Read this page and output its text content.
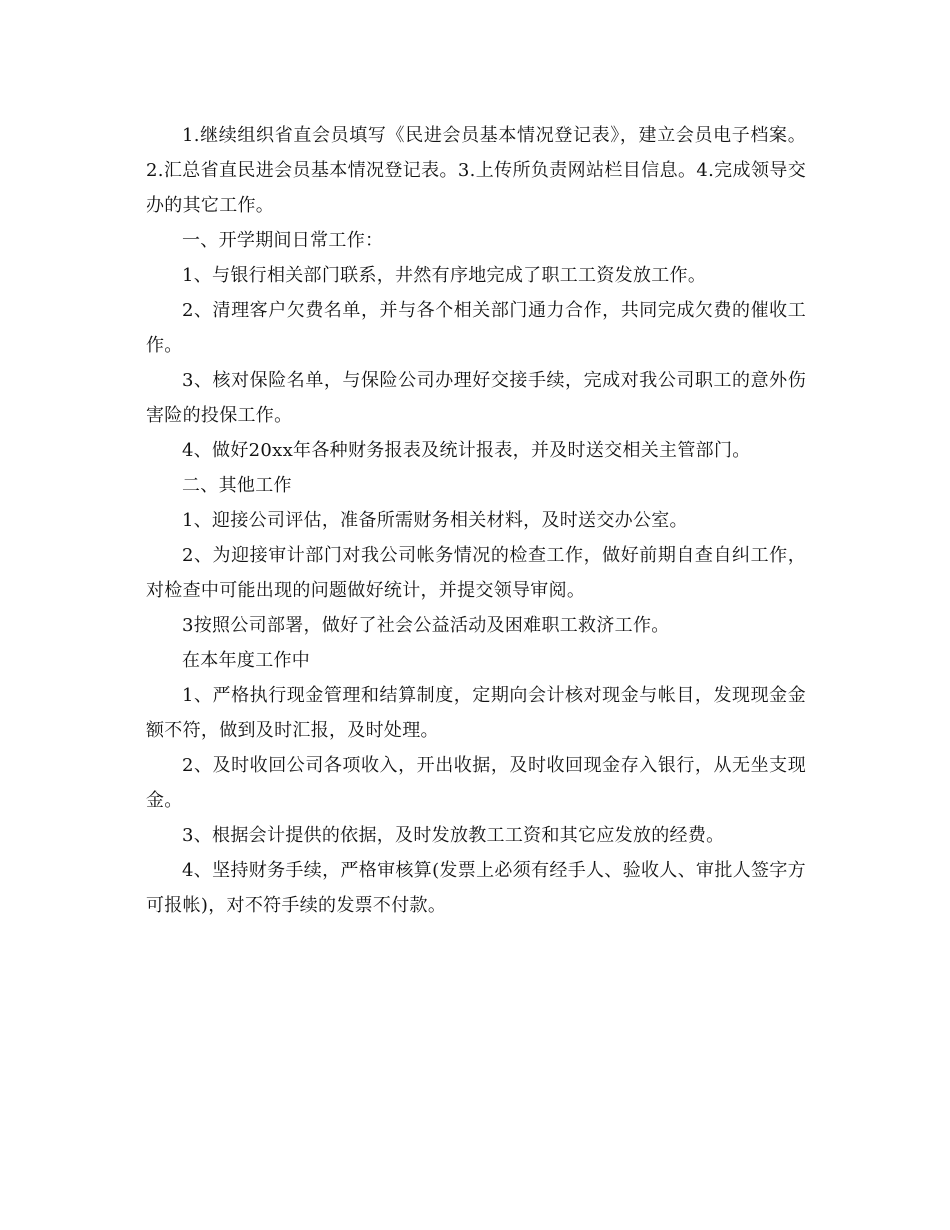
1.继续组织省直会员填写《民进会员基本情况登记表》，建立会员电子档案。2.汇总省直民进会员基本情况登记表。3.上传所负责网站栏目信息。4.完成领导交办的其它工作。

一、开学期间日常工作：

1、与银行相关部门联系，井然有序地完成了职工工资发放工作。

2、清理客户欠费名单，并与各个相关部门通力合作，共同完成欠费的催收工作。

3、核对保险名单，与保险公司办理好交接手续，完成对我公司职工的意外伤害险的投保工作。

4、做好20xx年各种财务报表及统计报表，并及时送交相关主管部门。

二、其他工作

1、迎接公司评估，准备所需财务相关材料，及时送交办公室。

2、为迎接审计部门对我公司帐务情况的检查工作，做好前期自查自纠工作，对检查中可能出现的问题做好统计，并提交领导审阅。

3按照公司部署，做好了社会公益活动及困难职工救济工作。

在本年度工作中

1、严格执行现金管理和结算制度，定期向会计核对现金与帐目，发现现金金额不符，做到及时汇报，及时处理。

2、及时收回公司各项收入，开出收据，及时收回现金存入银行，从无坐支现金。

3、根据会计提供的依据，及时发放教工工资和其它应发放的经费。

4、坚持财务手续，严格审核算(发票上必须有经手人、验收人、审批人签字方可报帐)，对不符手续的发票不付款。
